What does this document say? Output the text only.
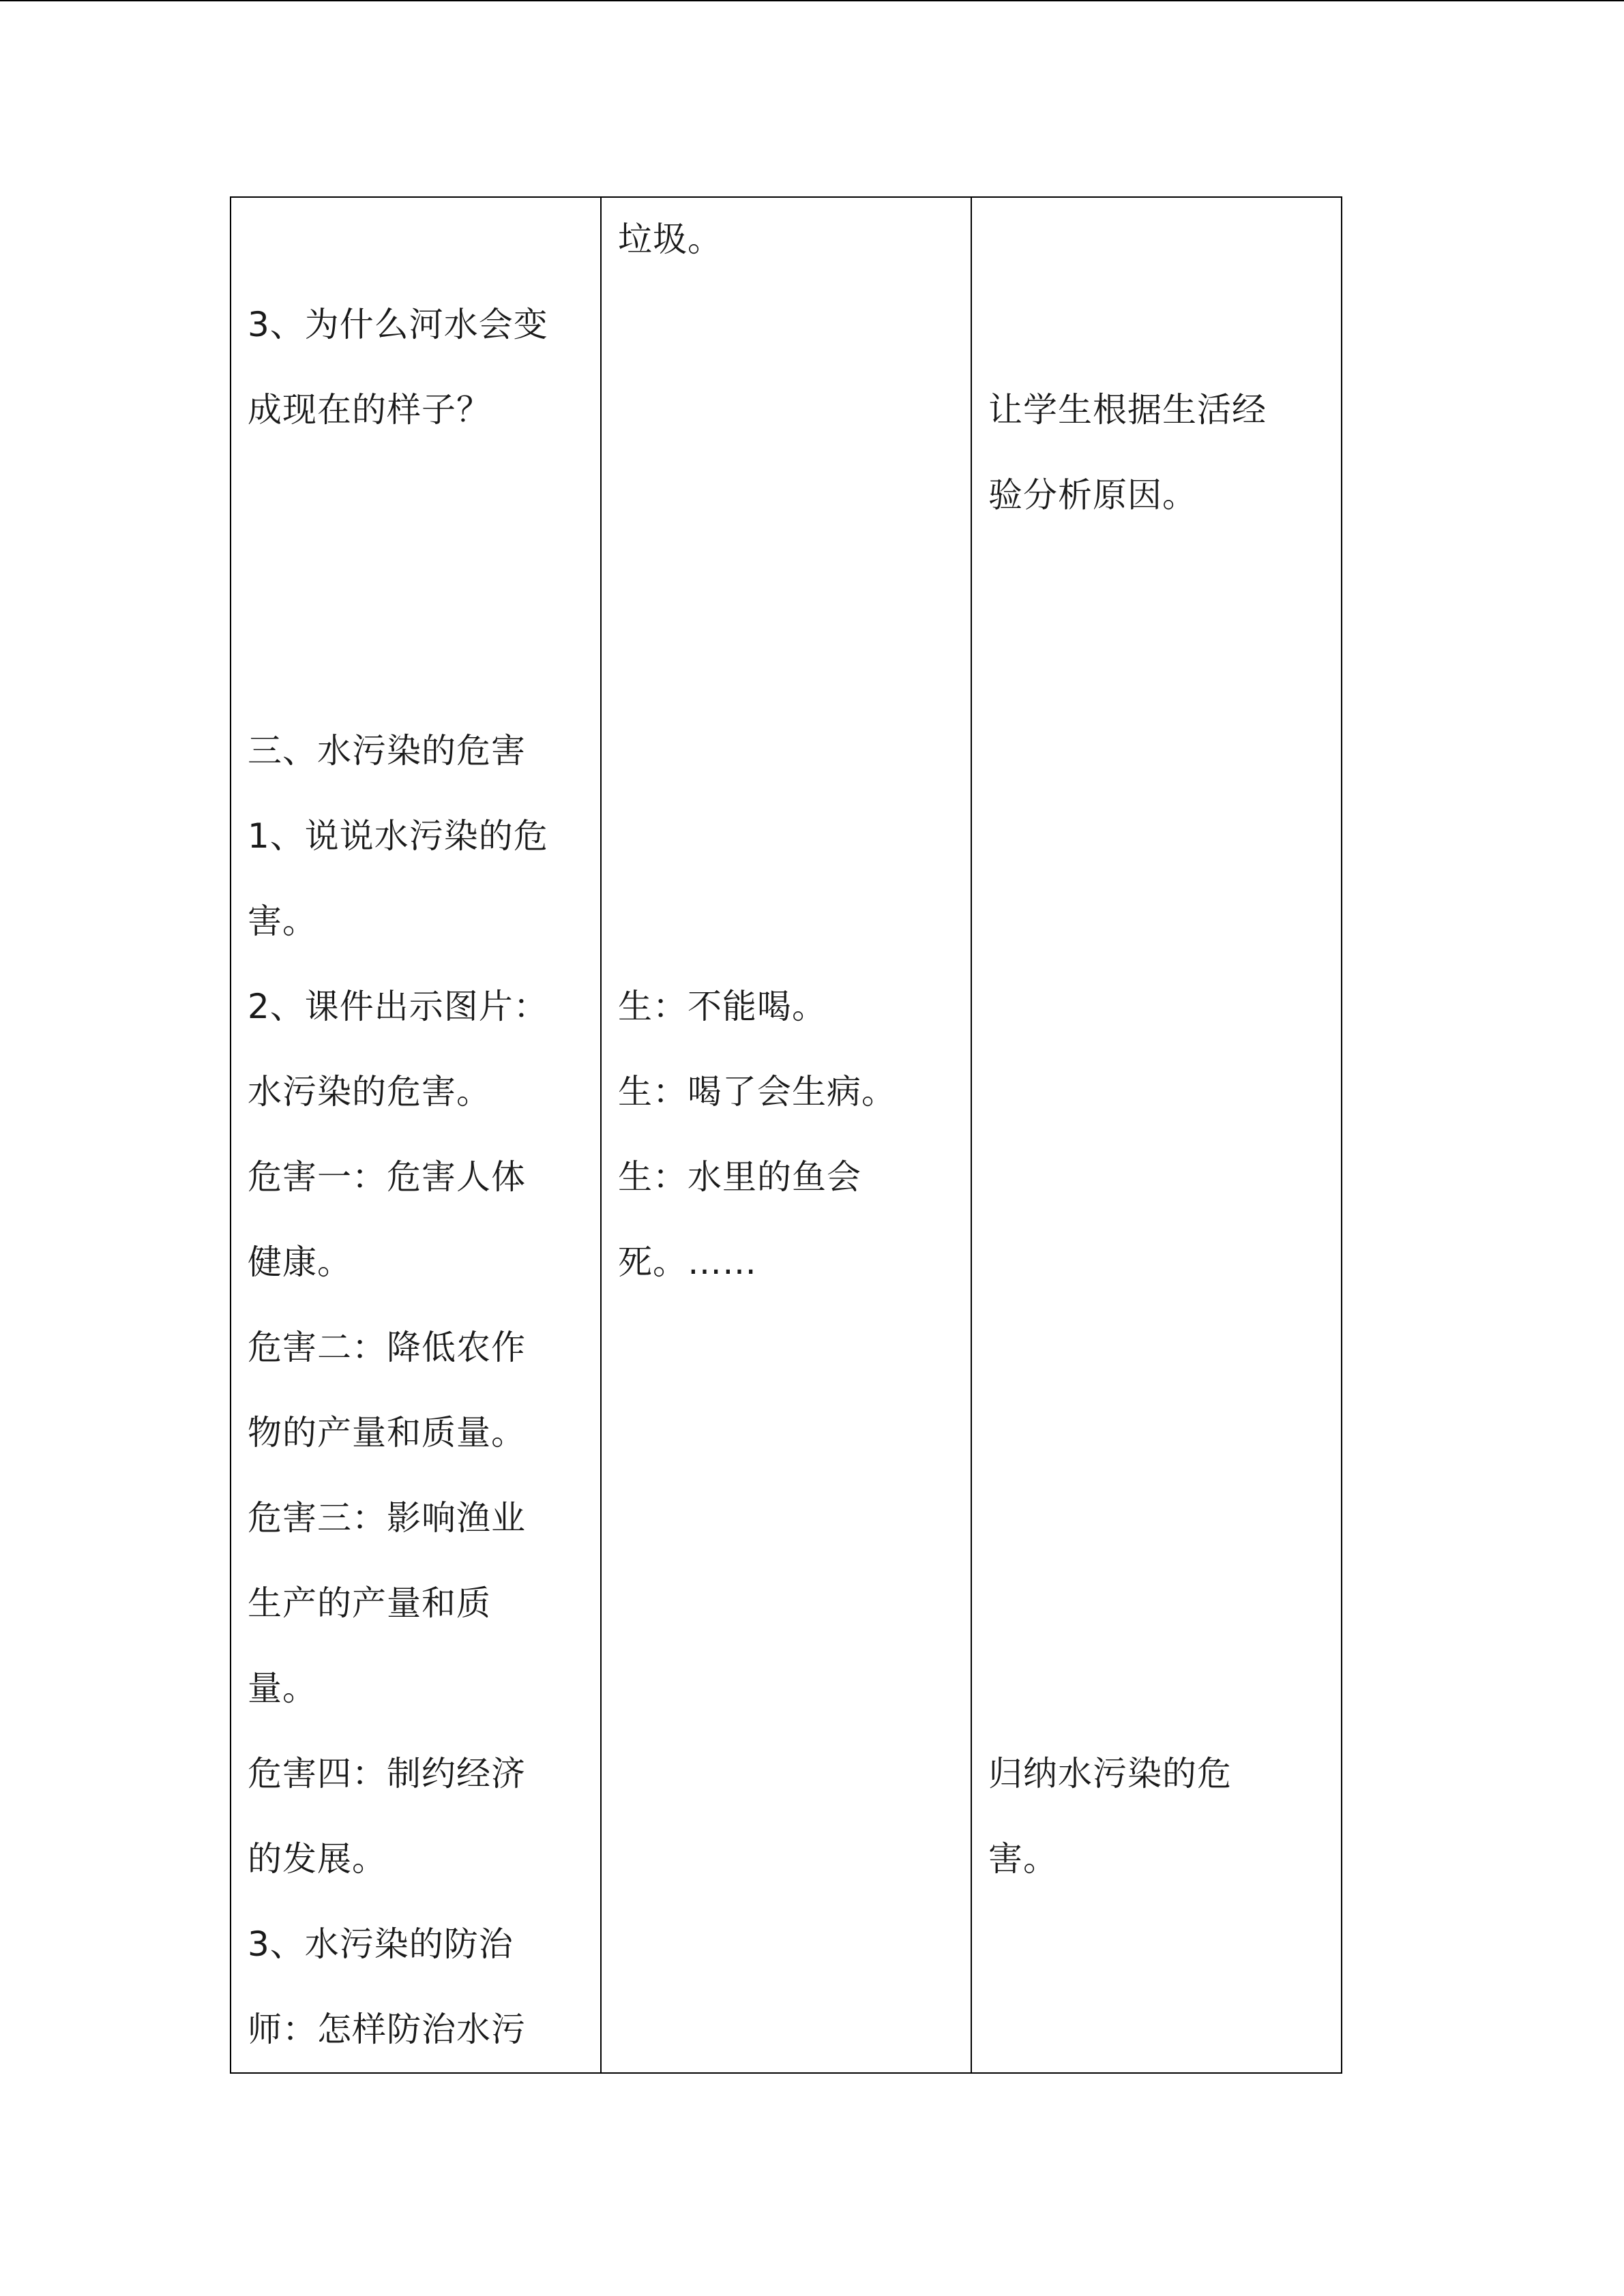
3、为什么河水会变
成现在的样子？
三、水污染的危害
1、说说水污染的危
害。
2、课件出示图片：
水污染的危害。
危害一：危害人体
健康。
危害二：降低农作
物的产量和质量。
危害三：影响渔业
生产的产量和质
量。
危害四：制约经济
的发展。
3、水污染的防治
师：怎样防治水污

垃圾。
生：不能喝。
生：喝了会生病。
生：水里的鱼会
死。……

让学生根据生活经
验分析原因。
归纳水污染的危
害。
